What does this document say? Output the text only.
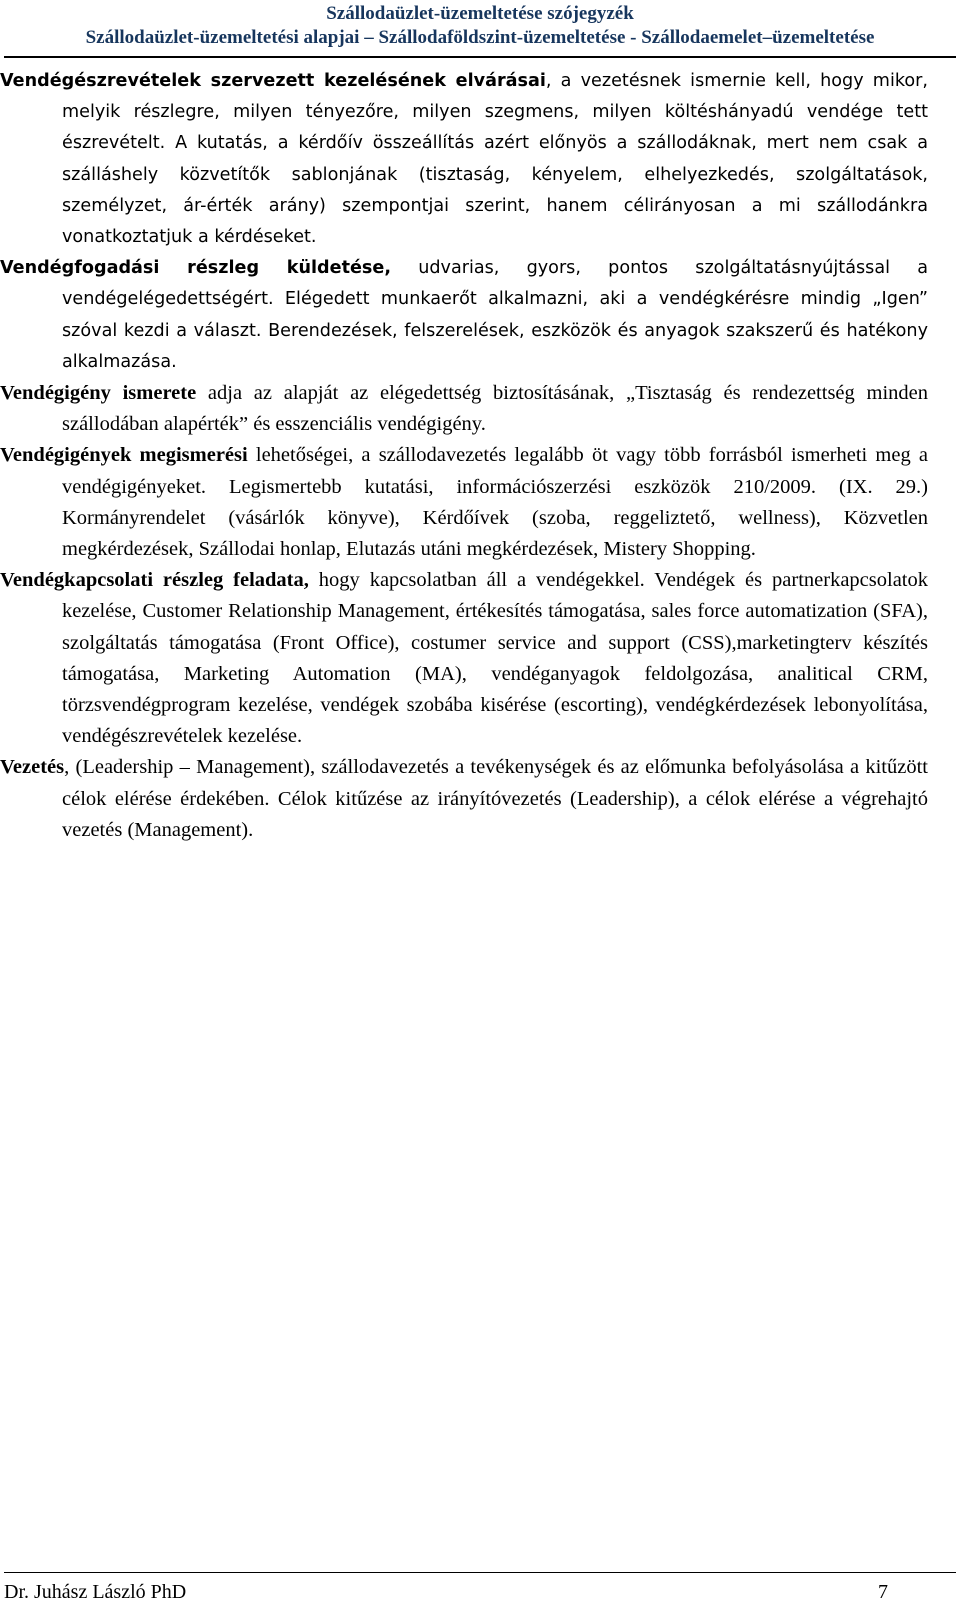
Szállodaüzlet-üzemeltetése szójegyzék
Szállodaüzlet-üzemeltetési alapjai – Szállodaföldszint-üzemeltetése - Szállodaemelet–üzemeltetése

Vendégészrevételek szervezett kezelésének elvárásai, a vezetésnek ismernie kell, hogy mikor, melyik részlegre, milyen tényezőre, milyen szegmens, milyen költéshányadú vendége tett észrevételt. A kutatás, a kérdőív összeállítás azért előnyös a szállodáknak, mert nem csak a szálláshely közvetítők sablonjának (tisztaság, kényelem, elhelyezkedés, szolgáltatások, személyzet, ár-érték arány) szempontjai szerint, hanem célirányosan a mi szállodánkra vonatkoztatjuk a kérdéseket.

Vendégfogadási részleg küldetése, udvarias, gyors, pontos szolgáltatásnyújtással a vendégelégedettségért. Elégedett munkaerőt alkalmazni, aki a vendégkérésre mindig „Igen” szóval kezdi a választ. Berendezések, felszerelések, eszközök és anyagok szakszerű és hatékony alkalmazása.

Vendégigény ismerete adja az alapját az elégedettség biztosításának, „Tisztaság és rendezettség minden szállodában alapérték” és esszenciális vendégigény.

Vendégigények megismerési lehetőségei, a szállodavezetés legalább öt vagy több forrásból ismerheti meg a vendégigényeket. Legismertebb kutatási, információszerzési eszközök 210/2009. (IX. 29.) Kormányrendelet (vásárlók könyve), Kérdőívek (szoba, reggeliztető, wellness), Közvetlen megkérdezések, Szállodai honlap, Elutazás utáni megkérdezések, Mistery Shopping.

Vendégkapcsolati részleg feladata, hogy kapcsolatban áll a vendégekkel. Vendégek és partnerkapcsolatok kezelése, Customer Relationship Management, értékesítés támogatása, sales force automatization (SFA), szolgáltatás támogatása (Front Office), costumer service and support (CSS),marketingterv készítés támogatása, Marketing Automation (MA), vendéganyagok feldolgozása, analitical CRM, törzsvendégprogram kezelése, vendégek szobába kisérése (escorting), vendégkérdezések lebonyolítása, vendégészrevételek kezelése.

Vezetés, (Leadership – Management), szállodavezetés a tevékenységek és az előmunka befolyásolása a kitűzött célok elérése érdekében. Célok kitűzése az irányítóvezetés (Leadership), a célok elérése a végrehajtó vezetés (Management).

Dr. Juhász László PhD	7
